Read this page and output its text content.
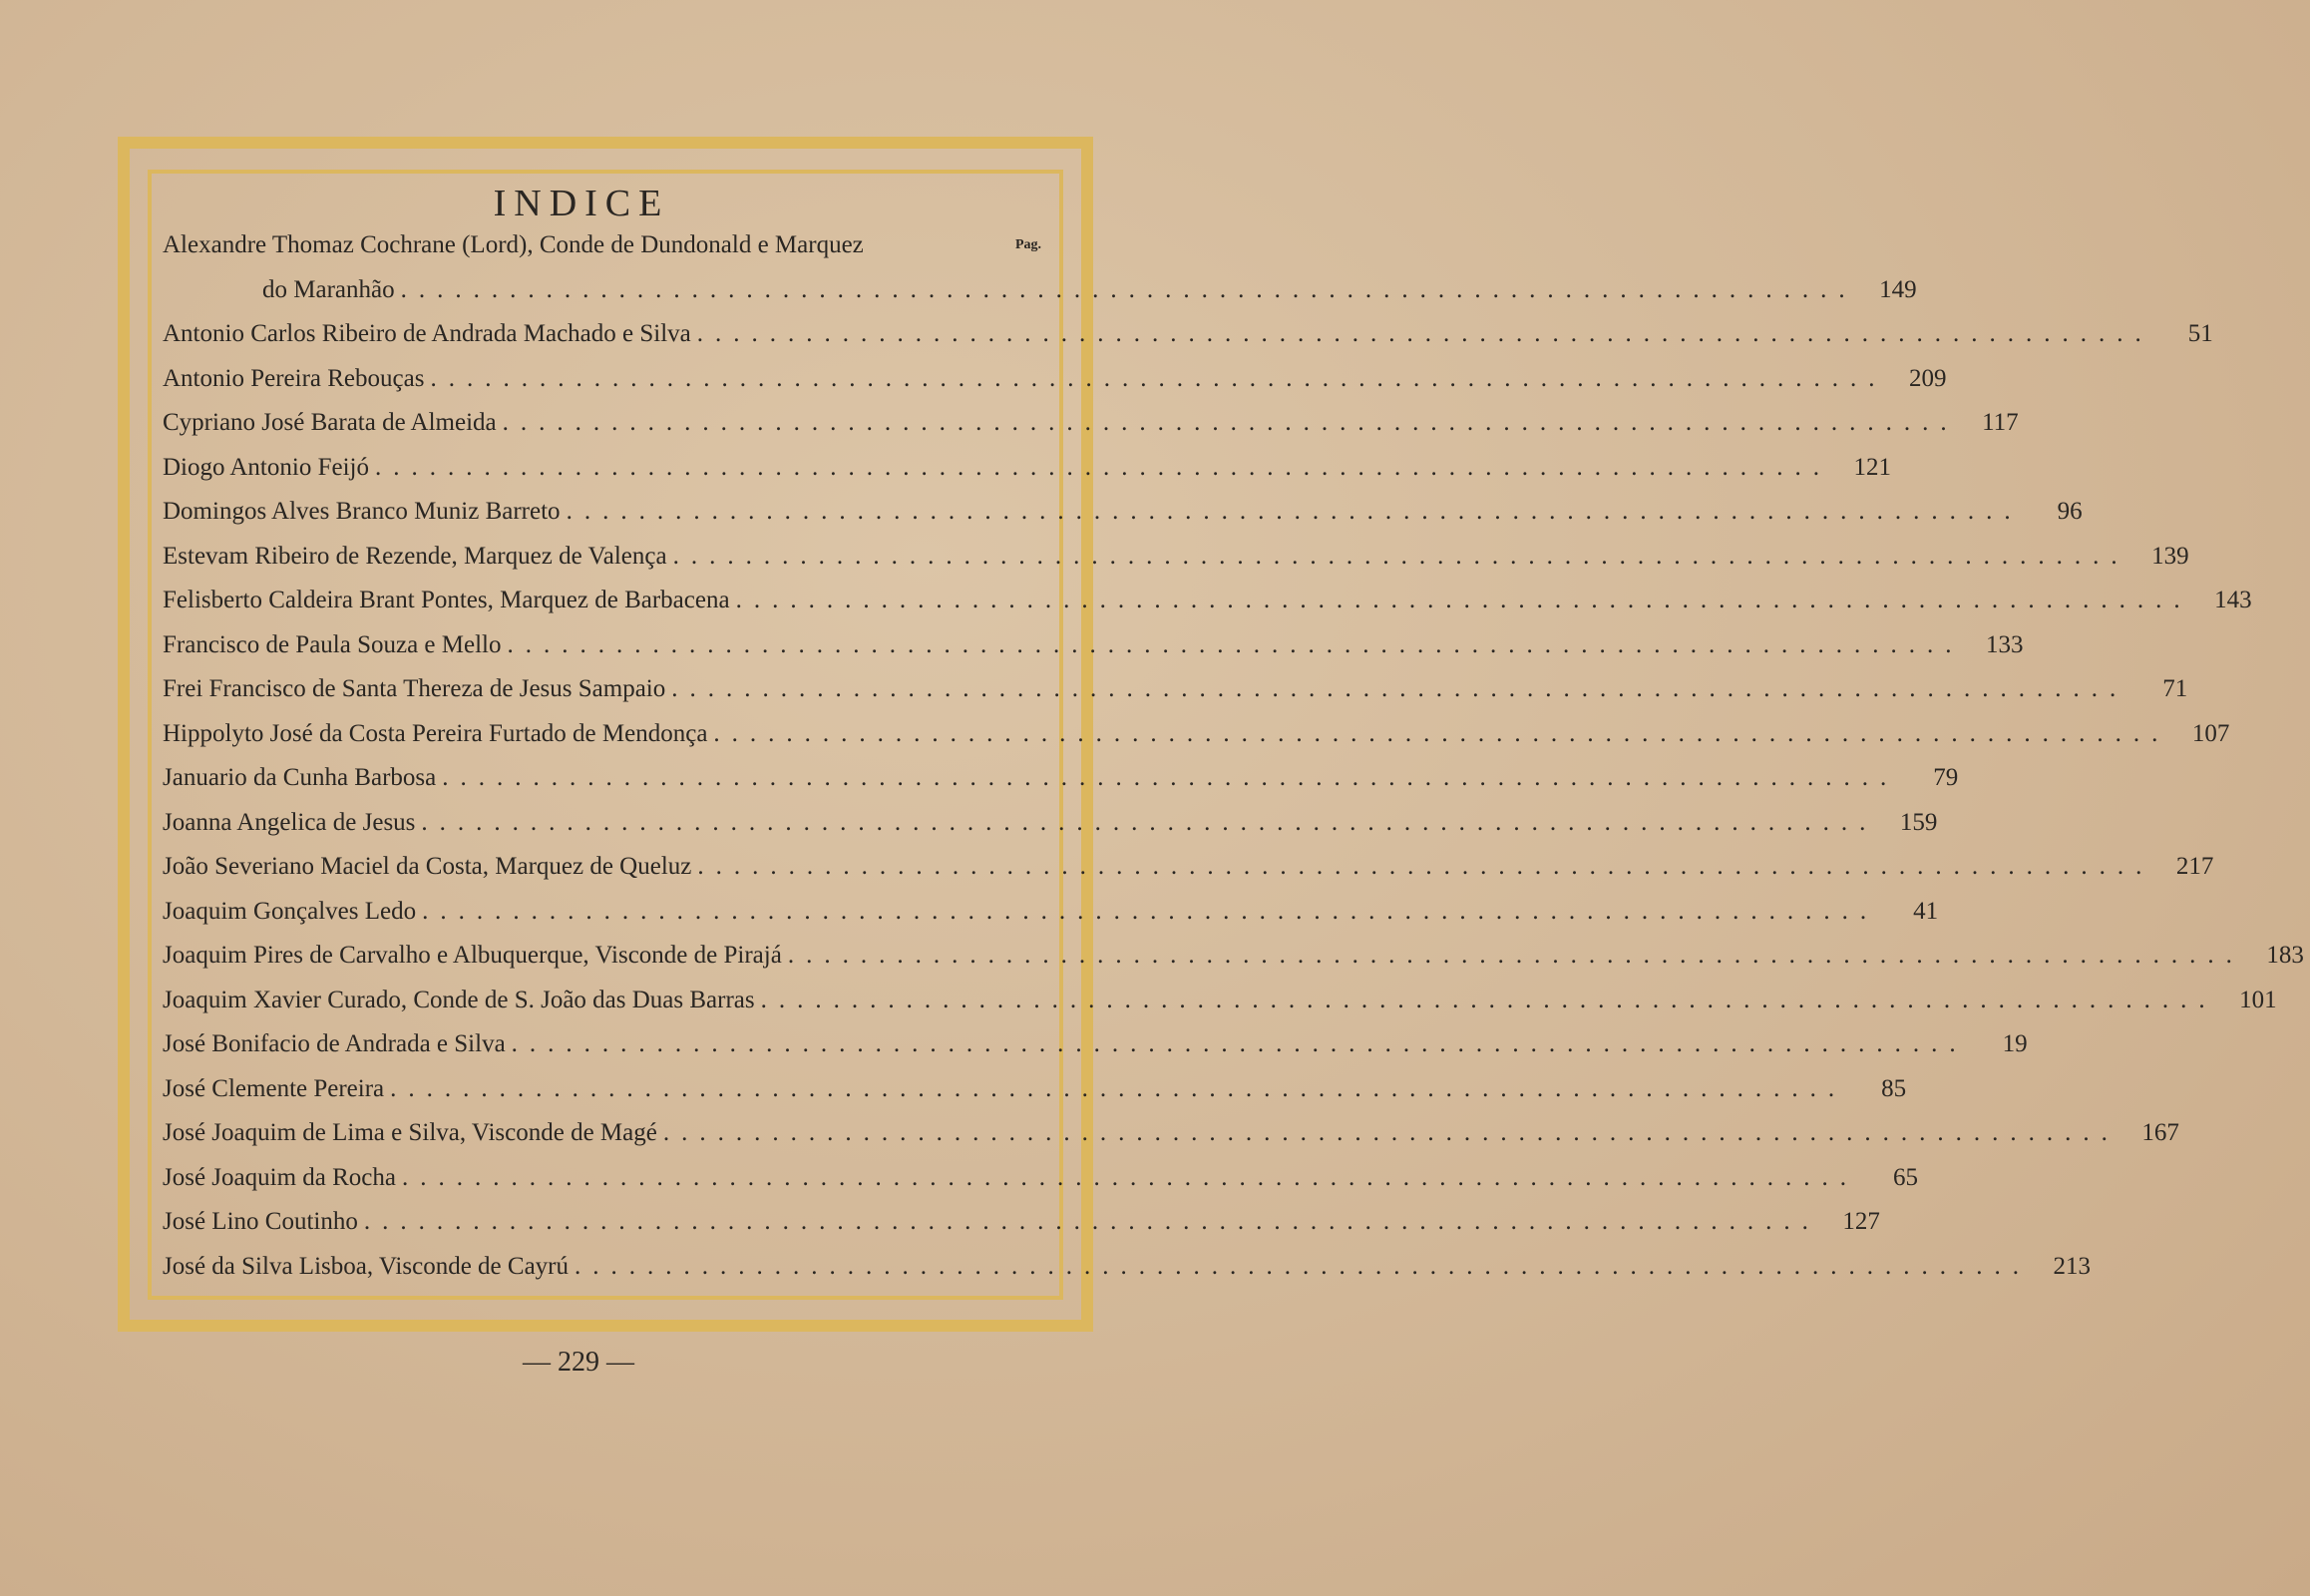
INDICE
Pag.
Alexandre Thomaz Cochrane (Lord), Conde de Dundonald e Marquez
do Maranhão ................................................................................ 149
Antonio Carlos Ribeiro de Andrada Machado e Silva ................................................................................	51
Antonio Pereira Rebouças ................................................................................ 209
Cypriano José Barata de Almeida ................................................................................ 117
Diogo Antonio Feijó ................................................................................ 121
Domingos Alves Branco Muniz Barreto ................................................................................	96
Estevam Ribeiro de Rezende, Marquez de Valença ................................................................................ 139
Felisberto Caldeira Brant Pontes, Marquez de Barbacena ................................................................................ 143
Francisco de Paula Souza e Mello ................................................................................ 133
Frei Francisco de Santa Thereza de Jesus Sampaio ................................................................................	71
Hippolyto José da Costa Pereira Furtado de Mendonça ................................................................................ 107
Januario da Cunha Barbosa ................................................................................	79
Joanna Angelica de Jesus ................................................................................ 159
João Severiano Maciel da Costa, Marquez de Queluz ................................................................................ 217
Joaquim Gonçalves Ledo ................................................................................	41
Joaquim Pires de Carvalho e Albuquerque, Visconde de Pirajá ................................................................................ 183
Joaquim Xavier Curado, Conde de S. João das Duas Barras ................................................................................ 101
José Bonifacio de Andrada e Silva ................................................................................	19
José Clemente Pereira ................................................................................	85
José Joaquim de Lima e Silva, Visconde de Magé ................................................................................ 167
José Joaquim da Rocha ................................................................................	65
José Lino Coutinho ................................................................................ 127
José da Silva Lisboa, Visconde de Cayrú ................................................................................ 213
— 229 —
